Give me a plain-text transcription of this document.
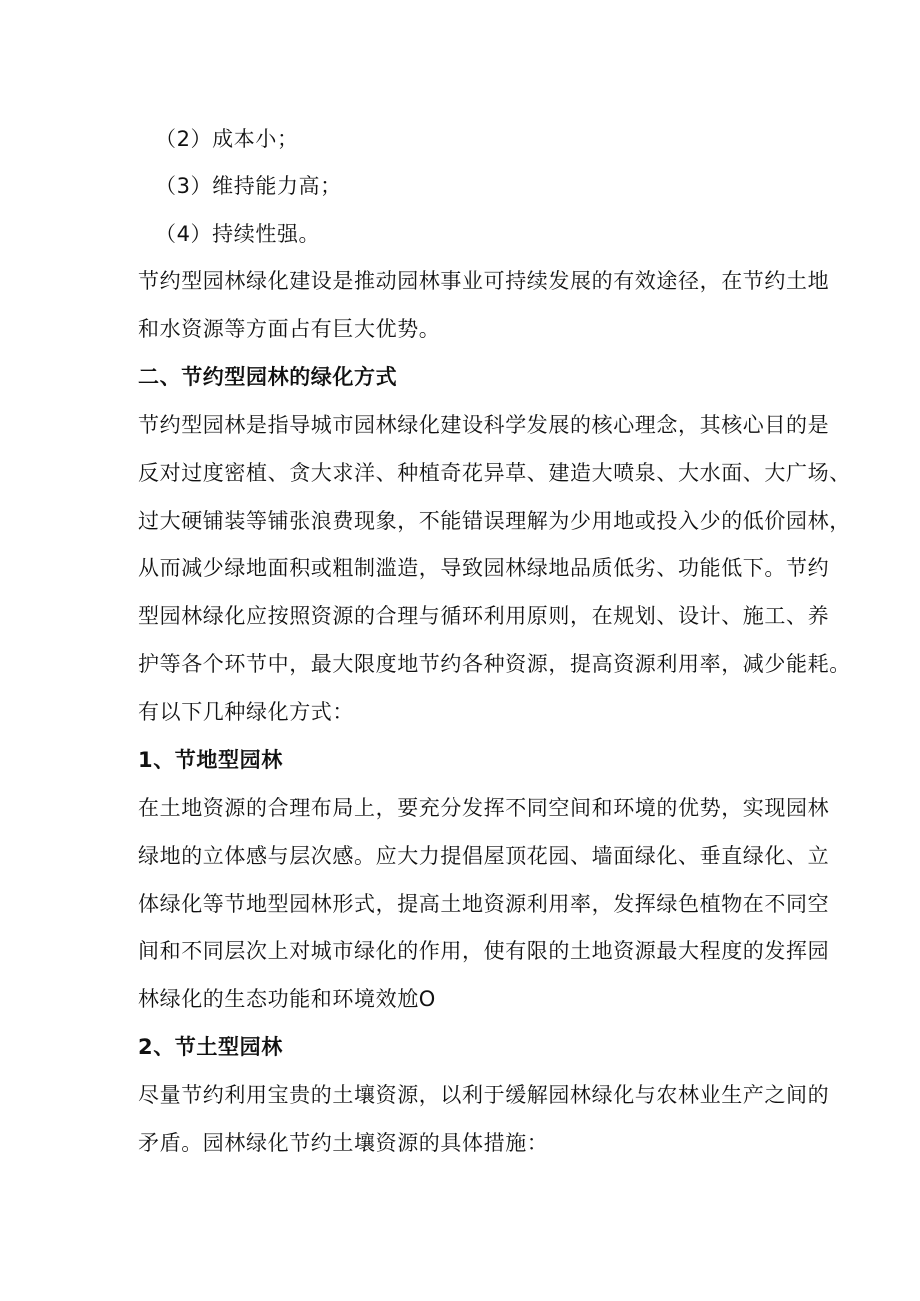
（2）成本小；
（3）维持能力高；
（4）持续性强。
节约型园林绿化建设是推动园林事业可持续发展的有效途径，在节约土地
和水资源等方面占有巨大优势。
二、节约型园林的绿化方式
节约型园林是指导城市园林绿化建设科学发展的核心理念，其核心目的是
反对过度密植、贪大求洋、种植奇花异草、建造大喷泉、大水面、大广场、
过大硬铺装等铺张浪费现象，不能错误理解为少用地或投入少的低价园林，
从而减少绿地面积或粗制滥造，导致园林绿地品质低劣、功能低下。节约
型园林绿化应按照资源的合理与循环利用原则，在规划、设计、施工、养
护等各个环节中，最大限度地节约各种资源，提高资源利用率，减少能耗。
有以下几种绿化方式：
1、节地型园林
在土地资源的合理布局上，要充分发挥不同空间和环境的优势，实现园林
绿地的立体感与层次感。应大力提倡屋顶花园、墙面绿化、垂直绿化、立
体绿化等节地型园林形式，提高土地资源利用率，发挥绿色植物在不同空
间和不同层次上对城市绿化的作用，使有限的土地资源最大程度的发挥园
林绿化的生态功能和环境效尬O
2、节土型园林
尽量节约利用宝贵的土壤资源，以利于缓解园林绿化与农林业生产之间的
矛盾。园林绿化节约土壤资源的具体措施：
